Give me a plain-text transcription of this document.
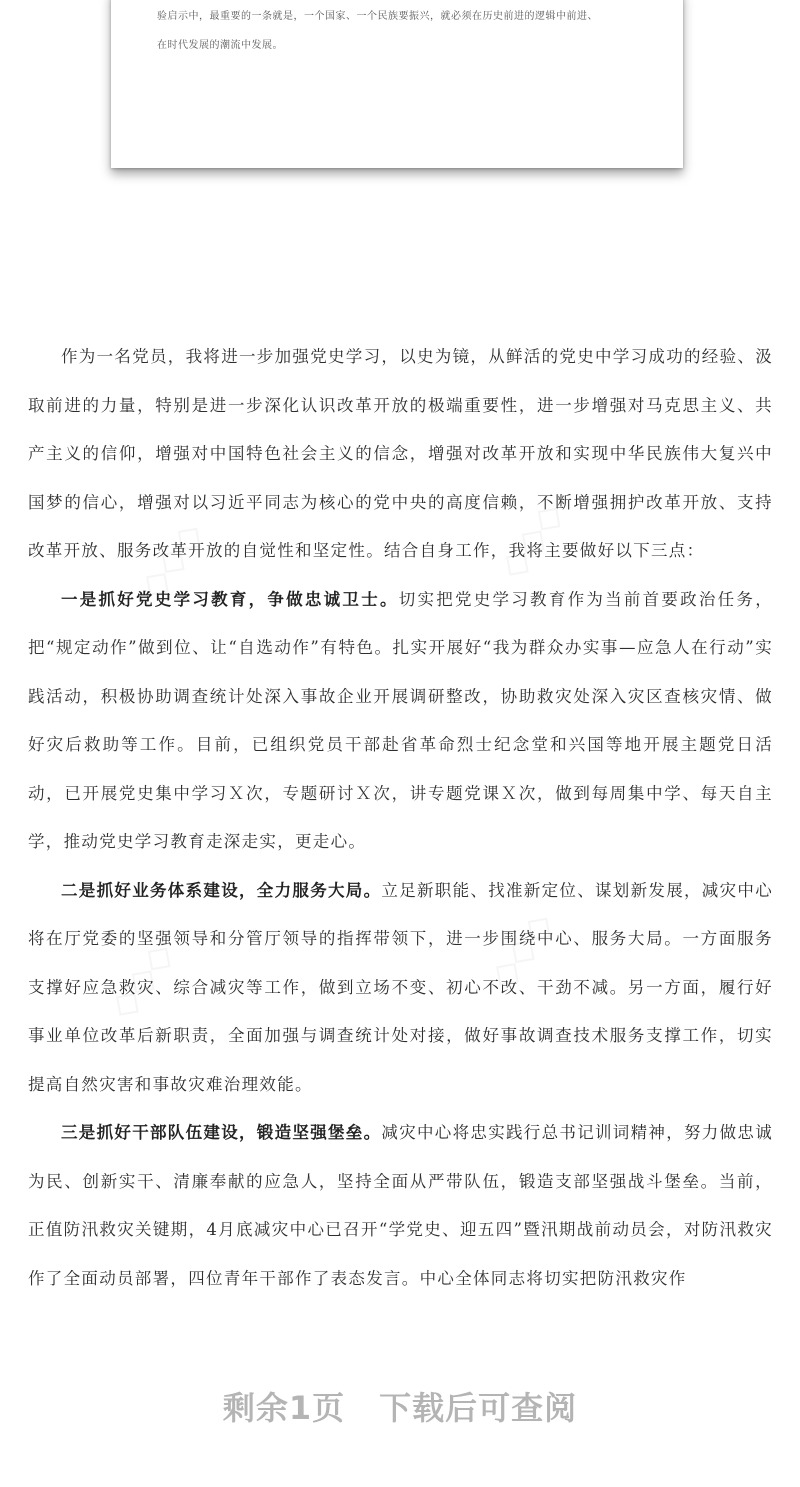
验启示中，最重要的一条就是，一个国家、一个民族要振兴，就必须在历史前进的逻辑中前进、
在时代发展的潮流中发展。
◇◇◇	◇◇◇
◇◇◇	◇◇◇

作为一名党员，我将进一步加强党史学习，以史为镜，从鲜活的党史中学习成功的经验、汲取前进的力量，特别是进一步深化认识改革开放的极端重要性，进一步增强对马克思主义、共产主义的信仰，增强对中国特色社会主义的信念，增强对改革开放和实现中华民族伟大复兴中国梦的信心，增强对以习近平同志为核心的党中央的高度信赖，不断增强拥护改革开放、支持改革开放、服务改革开放的自觉性和坚定性。结合自身工作，我将主要做好以下三点：

一是抓好党史学习教育，争做忠诚卫士。切实把党史学习教育作为当前首要政治任务，把“规定动作”做到位、让“自选动作”有特色。扎实开展好“我为群众办实事—应急人在行动”实践活动，积极协助调查统计处深入事故企业开展调研整改，协助救灾处深入灾区查核灾情、做好灾后救助等工作。目前，已组织党员干部赴省革命烈士纪念堂和兴国等地开展主题党日活动，已开展党史集中学习Ｘ次，专题研讨Ｘ次，讲专题党课Ｘ次，做到每周集中学、每天自主学，推动党史学习教育走深走实，更走心。

二是抓好业务体系建设，全力服务大局。立足新职能、找准新定位、谋划新发展，减灾中心将在厅党委的坚强领导和分管厅领导的指挥带领下，进一步围绕中心、服务大局。一方面服务支撑好应急救灾、综合减灾等工作，做到立场不变、初心不改、干劲不减。另一方面，履行好事业单位改革后新职责，全面加强与调查统计处对接，做好事故调查技术服务支撑工作，切实提高自然灾害和事故灾难治理效能。

三是抓好干部队伍建设，锻造坚强堡垒。减灾中心将忠实践行总书记训词精神，努力做忠诚为民、创新实干、清廉奉献的应急人，坚持全面从严带队伍，锻造支部坚强战斗堡垒。当前，正值防汛救灾关键期，4月底减灾中心已召开“学党史、迎五四”暨汛期战前动员会，对防汛救灾作了全面动员部署，四位青年干部作了表态发言。中心全体同志将切实把防汛救灾作

剩余1页 下载后可查阅
